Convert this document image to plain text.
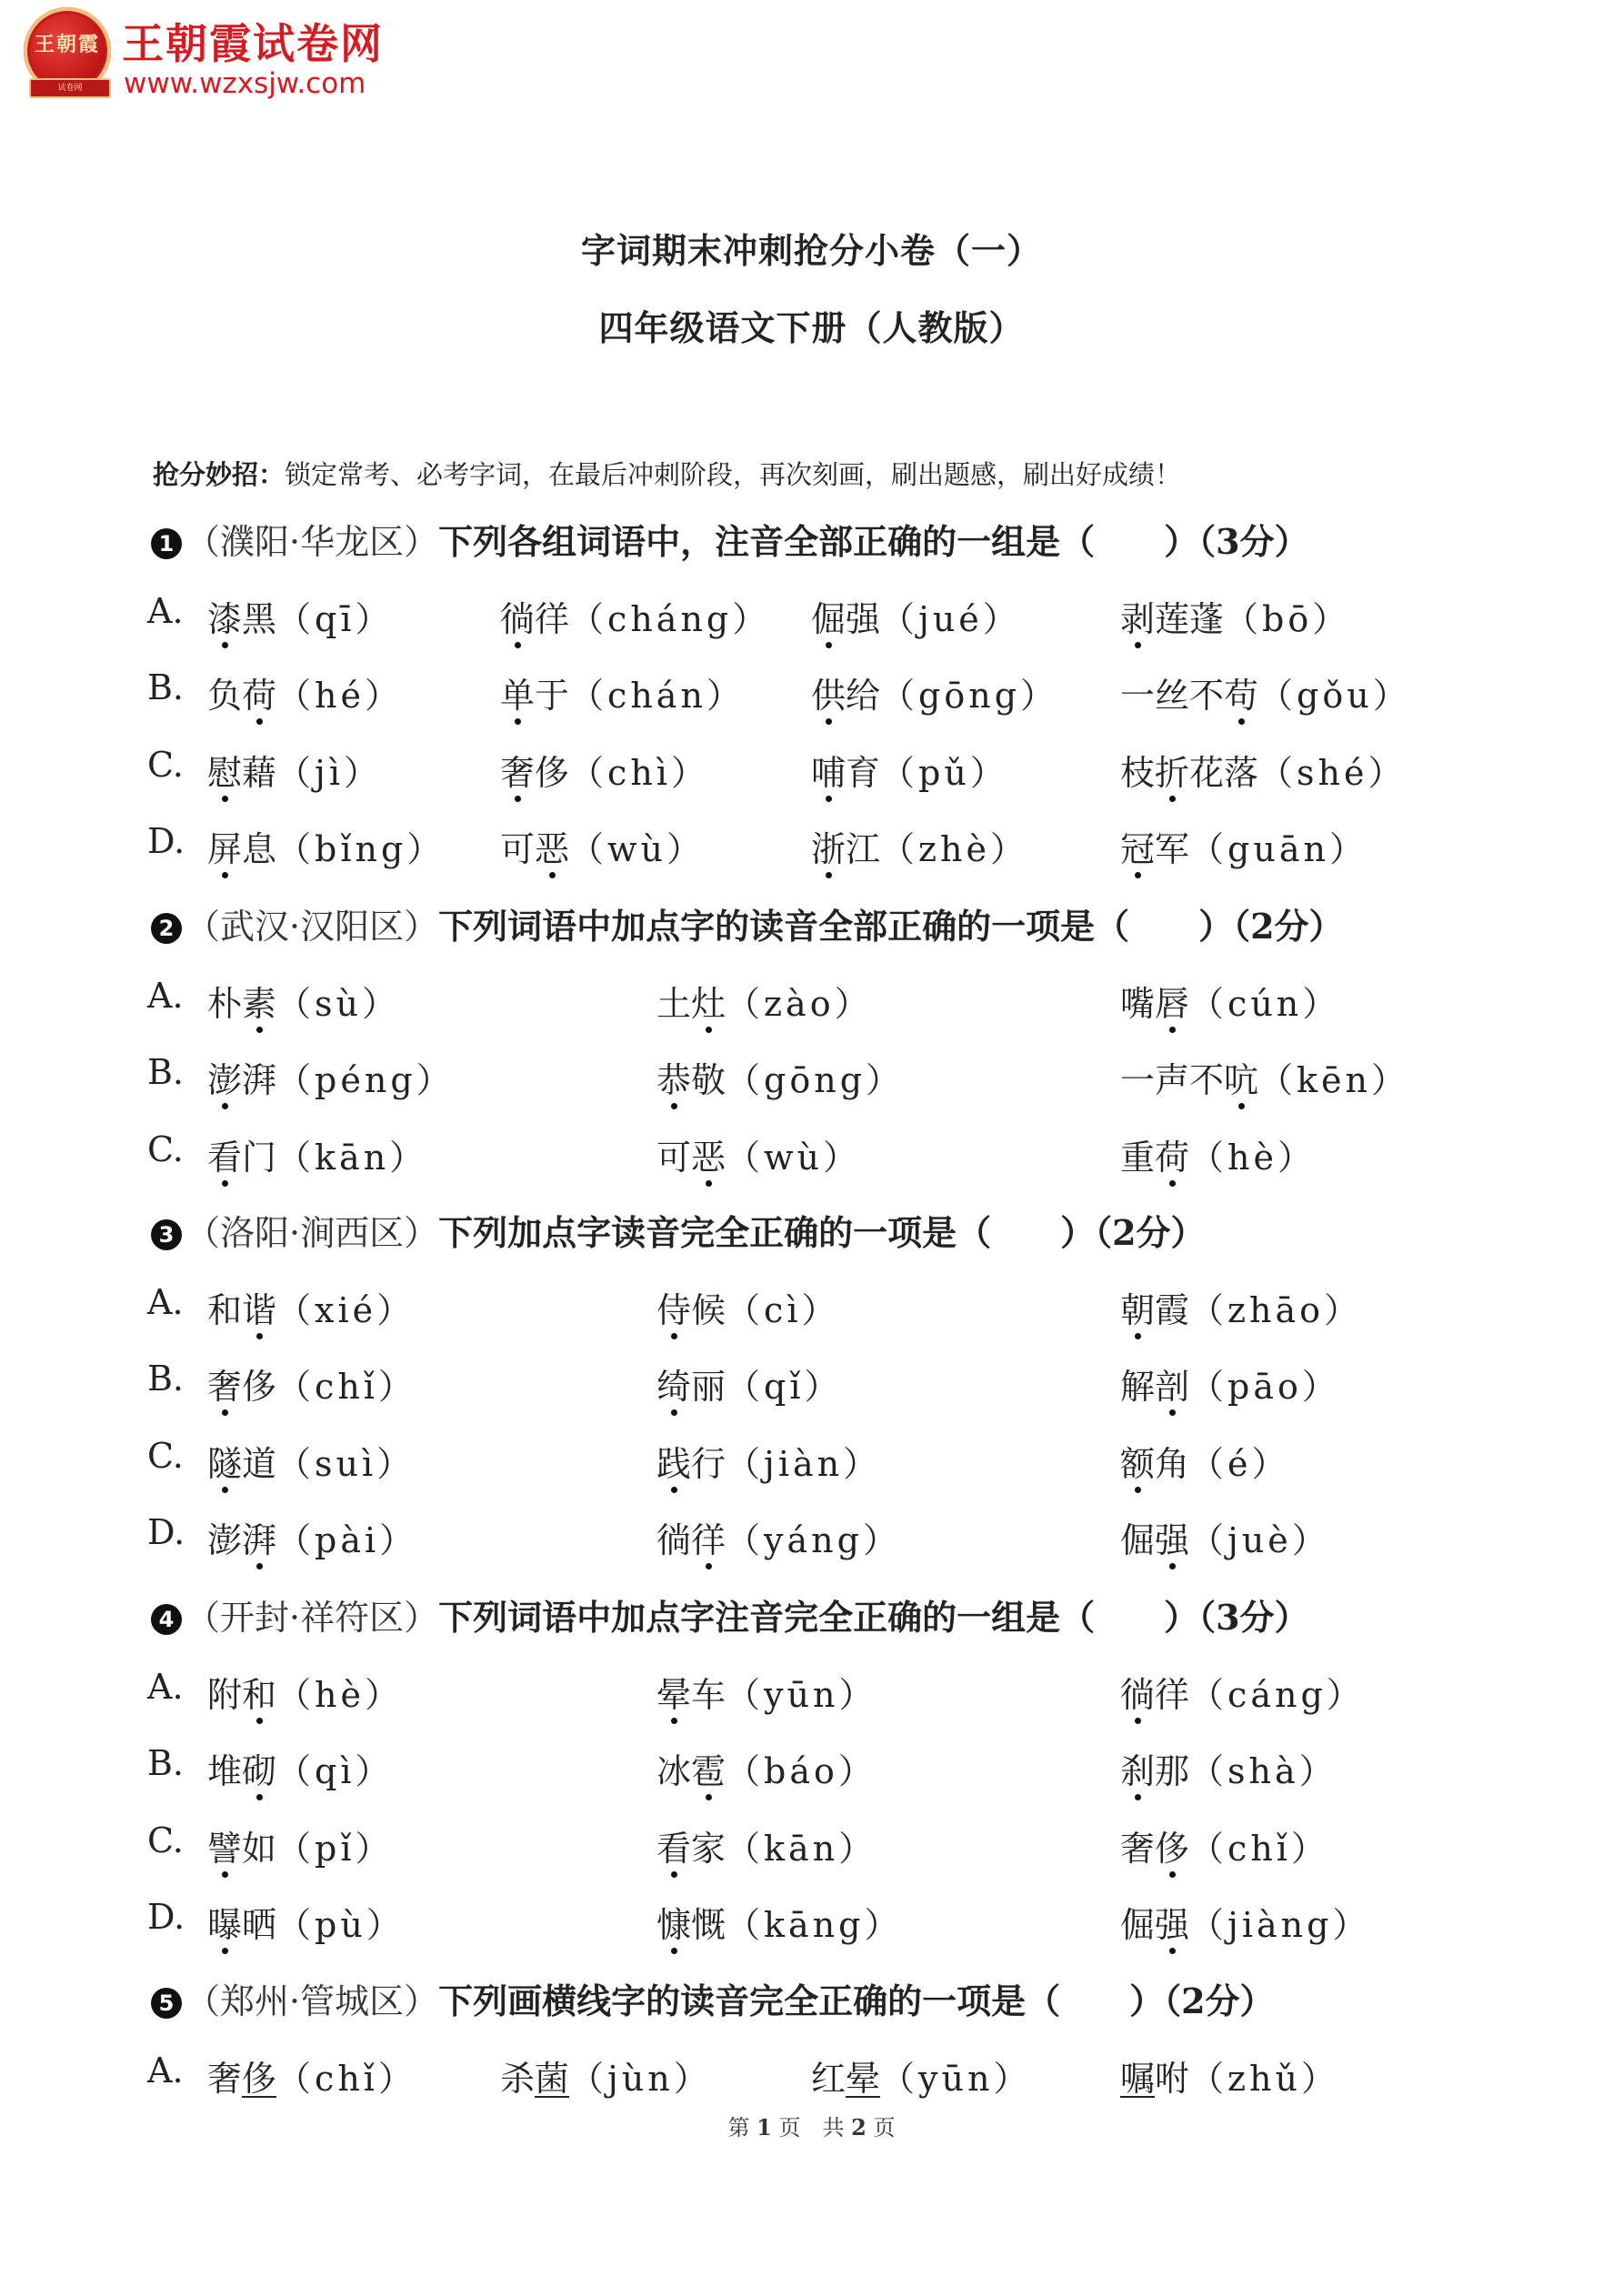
王朝霞
试卷网
王朝霞试卷网
www.wzxsjw.com
字词期末冲刺抢分小卷（一）
四年级语文下册（人教版）
抢分妙招：锁定常考、必考字词，在最后冲刺阶段，再次刻画，刷出题感，刷出好成绩！
1 （濮阳·华龙区）下列各组词语中，注音全部正确的一组是（　　）（3分）
A. 漆黑（qī）	徜徉（cháng） 倔强（jué）	剥莲蓬（bō）
B. 负荷（hé）	单于（chán） 供给（gōng） 一丝不苟（gǒu）
C. 慰藉（jì）	奢侈（chì）	哺育（pǔ）	枝折花落（shé）
D. 屏息（bǐng） 可恶（wù）	浙江（zhè）	冠军（guān）
2 （武汉·汉阳区）下列词语中加点字的读音全部正确的一项是（　　）（2分）
A. 朴素（sù）	土灶（zào）	嘴唇（cún）
B. 澎湃（péng）	恭敬（gōng）	一声不吭（kēn）
C. 看门（kān）	可恶（wù）	重荷（hè）
3 （洛阳·涧西区）下列加点字读音完全正确的一项是（　　）（2分）
A. 和谐（xié）	侍候（cì）	朝霞（zhāo）
B. 奢侈（chǐ）	绮丽（qǐ）	解剖（pāo）
C. 隧道（suì）	践行（jiàn）	额角（é）
D. 澎湃（pài）	徜徉（yáng）	倔强（juè）
4 （开封·祥符区）下列词语中加点字注音完全正确的一组是（　　）（3分）
A. 附和（hè）	晕车（yūn）	徜徉（cáng）
B. 堆砌（qì）	冰雹（báo）	刹那（shà）
C. 譬如（pǐ）	看家（kān）	奢侈（chǐ）
D. 曝晒（pù）	慷慨（kāng）	倔强（jiàng）
5 （郑州·管城区）下列画横线字的读音完全正确的一项是（　　）（2分）
A. 奢侈（chǐ） 杀菌（jùn）	红晕（yūn）	嘱咐（zhǔ）
第 1 页　共 2 页
